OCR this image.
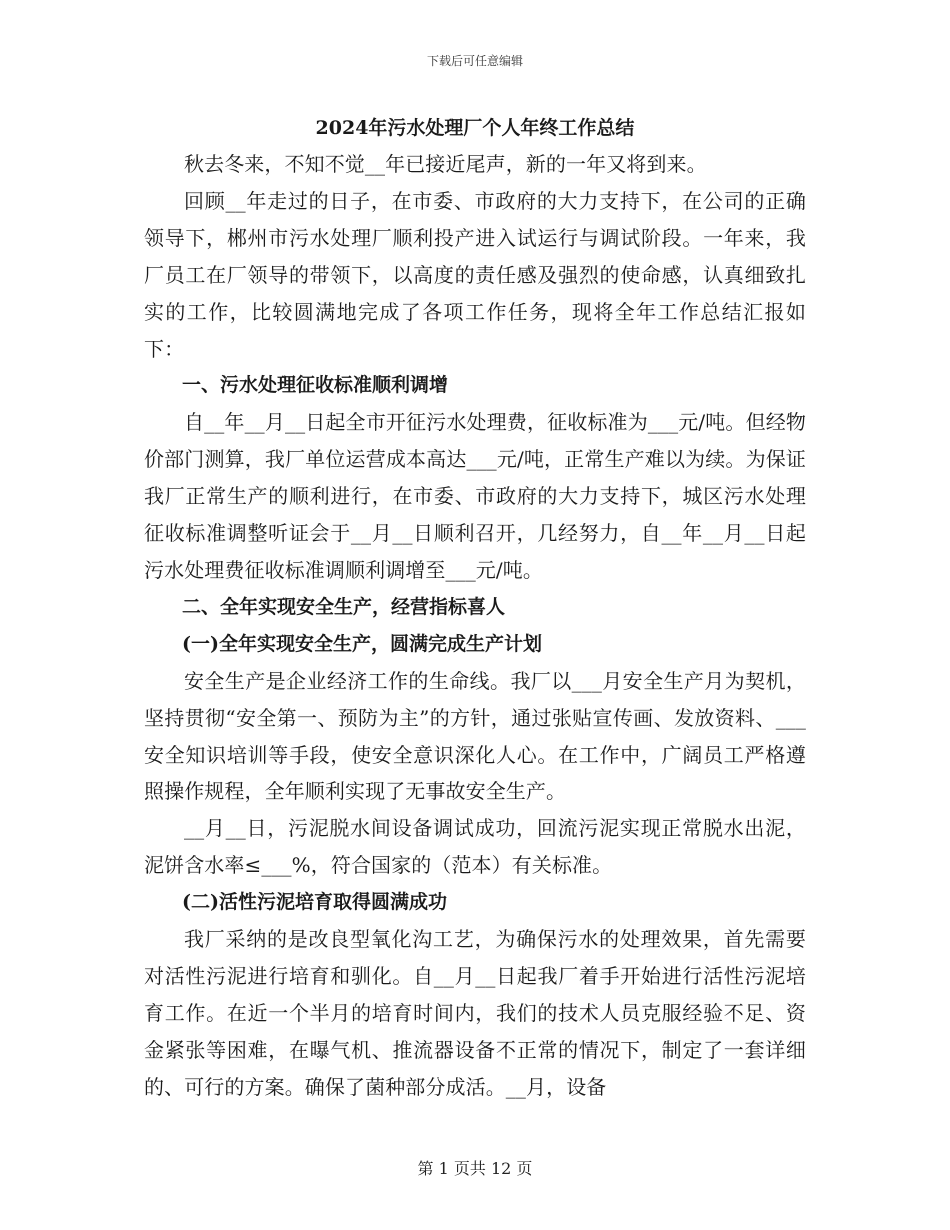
下载后可任意编辑
2024年污水处理厂个人年终工作总结

秋去冬来，不知不觉__年已接近尾声，新的一年又将到来。

回顾__年走过的日子，在市委、市政府的大力支持下，在公司的正确领导下，郴州市污水处理厂顺利投产进入试运行与调试阶段。一年来，我厂员工在厂领导的带领下，以高度的责任感及强烈的使命感，认真细致扎实的工作，比较圆满地完成了各项工作任务，现将全年工作总结汇报如下：

一、污水处理征收标准顺利调增

自__年__月__日起全市开征污水处理费，征收标准为___元/吨。但经物价部门测算，我厂单位运营成本高达___元/吨，正常生产难以为续。为保证我厂正常生产的顺利进行，在市委、市政府的大力支持下，城区污水处理征收标准调整听证会于__月__日顺利召开，几经努力，自__年__月__日起污水处理费征收标准调顺利调增至___元/吨。

二、全年实现安全生产，经营指标喜人
(一)全年实现安全生产，圆满完成生产计划

安全生产是企业经济工作的生命线。我厂以___月安全生产月为契机，坚持贯彻“安全第一、预防为主”的方针，通过张贴宣传画、发放资料、___安全知识培训等手段，使安全意识深化人心。在工作中，广阔员工严格遵照操作规程，全年顺利实现了无事故安全生产。

__月__日，污泥脱水间设备调试成功，回流污泥实现正常脱水出泥，泥饼含水率≤___%，符合国家的（范本）有关标准。

(二)活性污泥培育取得圆满成功

我厂采纳的是改良型氧化沟工艺，为确保污水的处理效果，首先需要对活性污泥进行培育和驯化。自__月__日起我厂着手开始进行活性污泥培育工作。在近一个半月的培育时间内，我们的技术人员克服经验不足、资金紧张等困难，在曝气机、推流器设备不正常的情况下，制定了一套详细的、可行的方案。确保了菌种部分成活。__月，设备

第 1 页共 12 页
